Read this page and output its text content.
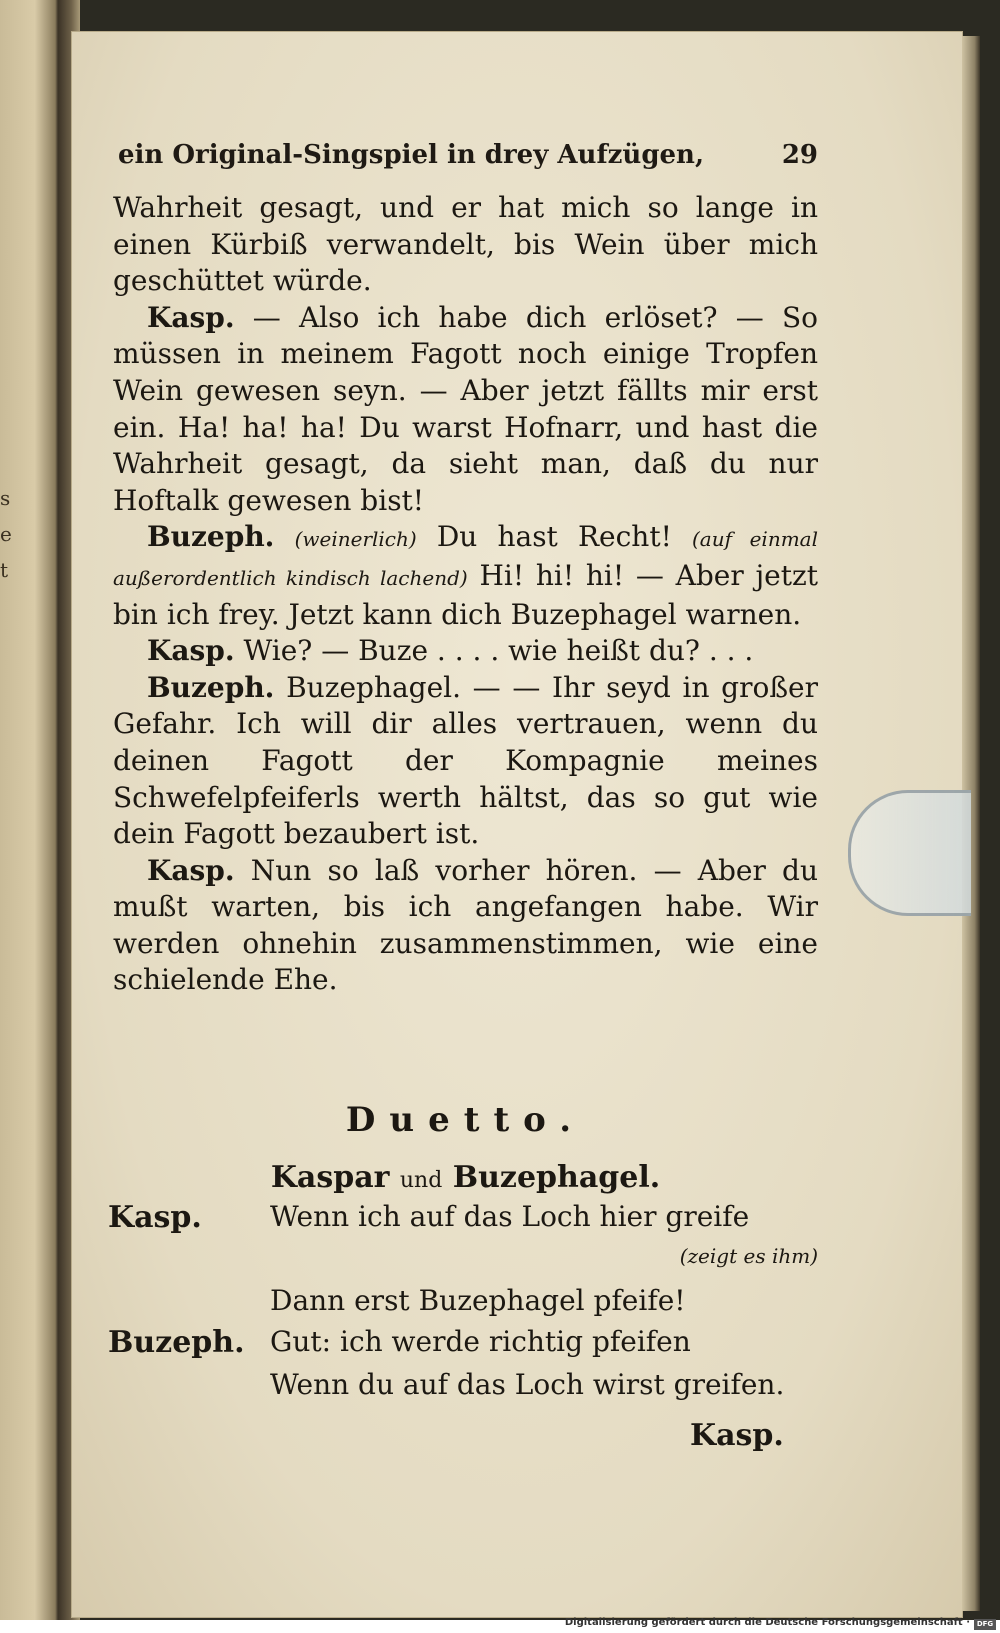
s
e
t
ein Original-Singspiel in drey Aufzügen,	29

Wahrheit gesagt, und er hat mich so lange in einen Kürbiß verwandelt, bis Wein über mich geschüttet würde.

Kasp. — Also ich habe dich erlöset? — So müssen in meinem Fagott noch einige Tropfen Wein gewesen seyn. — Aber jetzt fällts mir erst ein. Ha! ha! ha! Du warst Hofnarr, und hast die Wahrheit gesagt, da sieht man, daß du nur Hoftalk gewesen bist!

Buzeph. (weinerlich) Du hast Recht! (auf einmal außerordentlich kindisch lachend) Hi! hi! hi! — Aber jetzt bin ich frey. Jetzt kann dich Buzephagel warnen.

Kasp. Wie? — Buze . . . . wie heißt du? . . .

Buzeph. Buzephagel. — — Ihr seyd in großer Gefahr. Ich will dir alles vertrauen, wenn du deinen Fagott der Kompagnie meines Schwefelpfeiferls werth hältst, das so gut wie dein Fagott bezaubert ist.

Kasp. Nun so laß vorher hören. — Aber du mußt warten, bis ich angefangen habe. Wir werden ohnehin zusammenstimmen, wie eine schielende Ehe.

Duetto.
Kaspar und Buzephagel.
Kasp. Wenn ich auf das Loch hier greife
(zeigt es ihm)
Dann erst Buzephagel pfeife!
Buzeph. Gut: ich werde richtig pfeifen
Wenn du auf das Loch wirst greifen.
Kasp.
Digitalisierung gefördert durch die Deutsche Forschungsgemeinschaft · DFG
